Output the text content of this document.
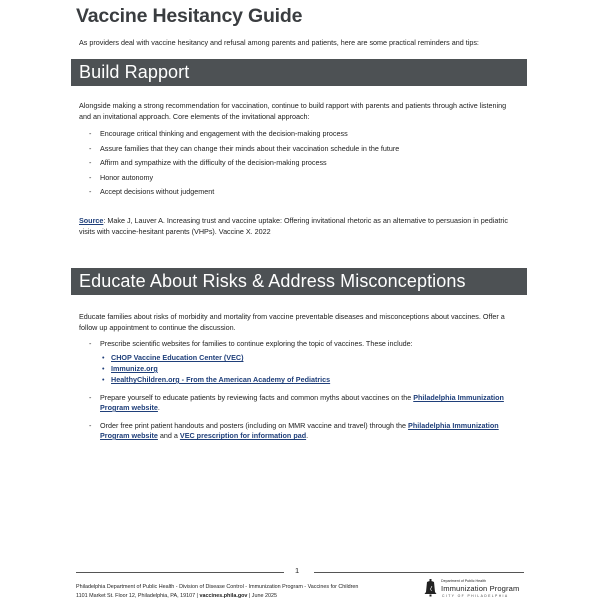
Vaccine Hesitancy Guide
As providers deal with vaccine hesitancy and refusal among parents and patients, here are some practical reminders and tips:
Build Rapport
Alongside making a strong recommendation for vaccination, continue to build rapport with parents and patients through active listening and an invitational approach. Core elements of the invitational approach:
- Encourage critical thinking and engagement with the decision-making process
- Assure families that they can change their minds about their vaccination schedule in the future
- Affirm and sympathize with the difficulty of the decision-making process
- Honor autonomy
- Accept decisions without judgement
Source: Make J, Lauver A. Increasing trust and vaccine uptake: Offering invitational rhetoric as an alternative to persuasion in pediatric visits with vaccine-hesitant parents (VHPs). Vaccine X. 2022
Educate About Risks & Address Misconceptions
Educate families about risks of morbidity and mortality from vaccine preventable diseases and misconceptions about vaccines. Offer a follow up appointment to continue the discussion.
- Prescribe scientific websites for families to continue exploring the topic of vaccines. These include:
• CHOP Vaccine Education Center (VEC)
• Immunize.org
• HealthyChildren.org - From the American Academy of Pediatrics
- Prepare yourself to educate patients by reviewing facts and common myths about vaccines on the Philadelphia Immunization Program website.
- Order free print patient handouts and posters (including on MMR vaccine and travel) through the Philadelphia Immunization Program website and a VEC prescription for information pad.
1
Philadelphia Department of Public Health - Division of Disease Control - Immunization Program - Vaccines for Children
1101 Market St. Floor 12, Philadelphia, PA, 19107 | vaccines.phila.gov | June 2025
Department of Public Health
Immunization Program
CITY OF PHILADELPHIA
